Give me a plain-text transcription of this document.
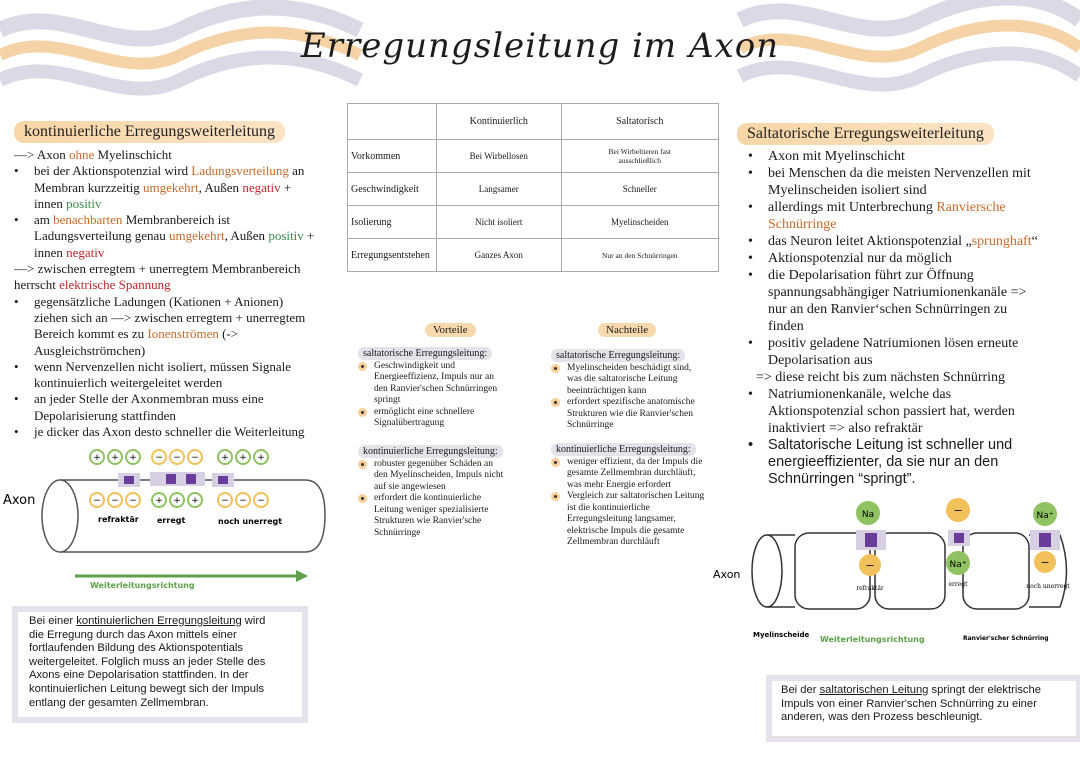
Erregungsleitung im Axon
kontinuierliche Erregungsweiterleitung
—> Axon ohne Myelinschicht
•	bei der Aktionspotenzial wird Ladungsverteilung an
Membran kurzzeitig umgekehrt, Außen negativ +
innen positiv
•	am benachbarten Membranbereich ist
Ladungsverteilung genau umgekehrt, Außen positiv +
innen negativ
—> zwischen erregtem + unerregtem Membranbereich
herrscht elektrische Spannung
•	gegensätzliche Ladungen (Kationen + Anionen)
ziehen sich an —> zwischen erregtem + unerregtem
Bereich kommt es zu Ionenströmen (->
Ausgleichströmchen)
•	wenn Nervenzellen nicht isoliert, müssen Signale
kontinuierlich weitergeleitet werden
•	an jeder Stelle der Axonmembran muss eine
Depolarisierung stattfinden
•	je dicker das Axon desto schneller die Weiterleitung
+ + + − − − + + +
− − − + + + − − −
Axon
refraktär erregt	noch unerregt
Weiterleitungsrichtung
Bei einer kontinuierlichen Erregungsleitung wird
die Erregung durch das Axon mittels einer
fortlaufenden Bildung des Aktionspotentials
weitergeleitet. Folglich muss an jeder Stelle des
Axons eine Depolarisation stattfinden. In der
kontinuierlichen Leitung bewegt sich der Impuls
entlang der gesamten Zellmembran.
	Kontinuierlich	Saltatorisch
Vorkommen	Bei Wirbellosen	Bei Wirbeltieren fast
ausschließlich

Geschwindigkeit	Langsamer	Schneller
Isolierung	Nicht isoliert	Myelinscheiden
Erregungsentstehen	Ganzes Axon	Nur an den Schnürringen
Vorteile	Nachteile
saltatorische Erregungsleitung:
Geschwindigkeit und
Energieeffizienz, Impuls nur an
den Ranvier'schen Schnürringen
springt
ermöglicht eine schnellere
Signalübertragung
saltatorische Erregungsleitung:
Myelinscheiden beschädigt sind,
was die saltatorische Leitung
beeinträchtigen kann
erfordert spezifische anatomische
Strukturen wie die Ranvier'schen
Schnürringe
kontinuierliche Erregungsleitung:
robuster gegenüber Schäden an
den Myelinscheiden, Impuls nicht
auf sie angewiesen
erfordert die kontinuierliche
Leitung weniger spezialisierte
Strukturen wie Ranvier'sche
Schnürringe
kontinuierliche Erregungsleitung:
weniger effizient, da der Impuls die
gesamte Zellmembran durchläuft,
was mehr Energie erfordert
Vergleich zur saltatorischen Leitung
ist die kontinuierliche
Erregungsleitung langsamer,
elektrische Impuls die gesamte
Zellmembran durchläuft
Saltatorische Erregungsweiterleitung
•	Axon mit Myelinschicht
•	bei Menschen da die meisten Nervenzellen mit
Myelinscheiden isoliert sind
•	allerdings mit Unterbrechung Ranviersche
Schnürringe
•	das Neuron leitet Aktionspotenzial „sprunghaft“
•	Aktionspotenzial nur da möglich
•	die Depolarisation führt zur Öffnung
spannungsabhängiger Natriumionenkanäle =>
nur an den Ranvier‘schen Schnürringen zu
finden
•	positiv geladene Natriumionen lösen erneute
Depolarisation aus
=> diese reicht bis zum nächsten Schnürring
•	Natriumionenkanäle, welche das
Aktionspotenzial schon passiert hat, werden
inaktiviert => also refraktär
•	Saltatorische Leitung ist schneller und
energieeffizienter, da sie nur an den
Schnürringen “springt”.
Na	−	Na⁺
−	Na⁺	−
refraktär
erregt	noch unerregt
Axon
Myelinscheide Weiterleitungsrichtung	Ranvier'scher Schnürring
Bei der saltatorischen Leitung springt der elektrische
Impuls von einer Ranvier'schen Schnürring zu einer
anderen, was den Prozess beschleunigt.
